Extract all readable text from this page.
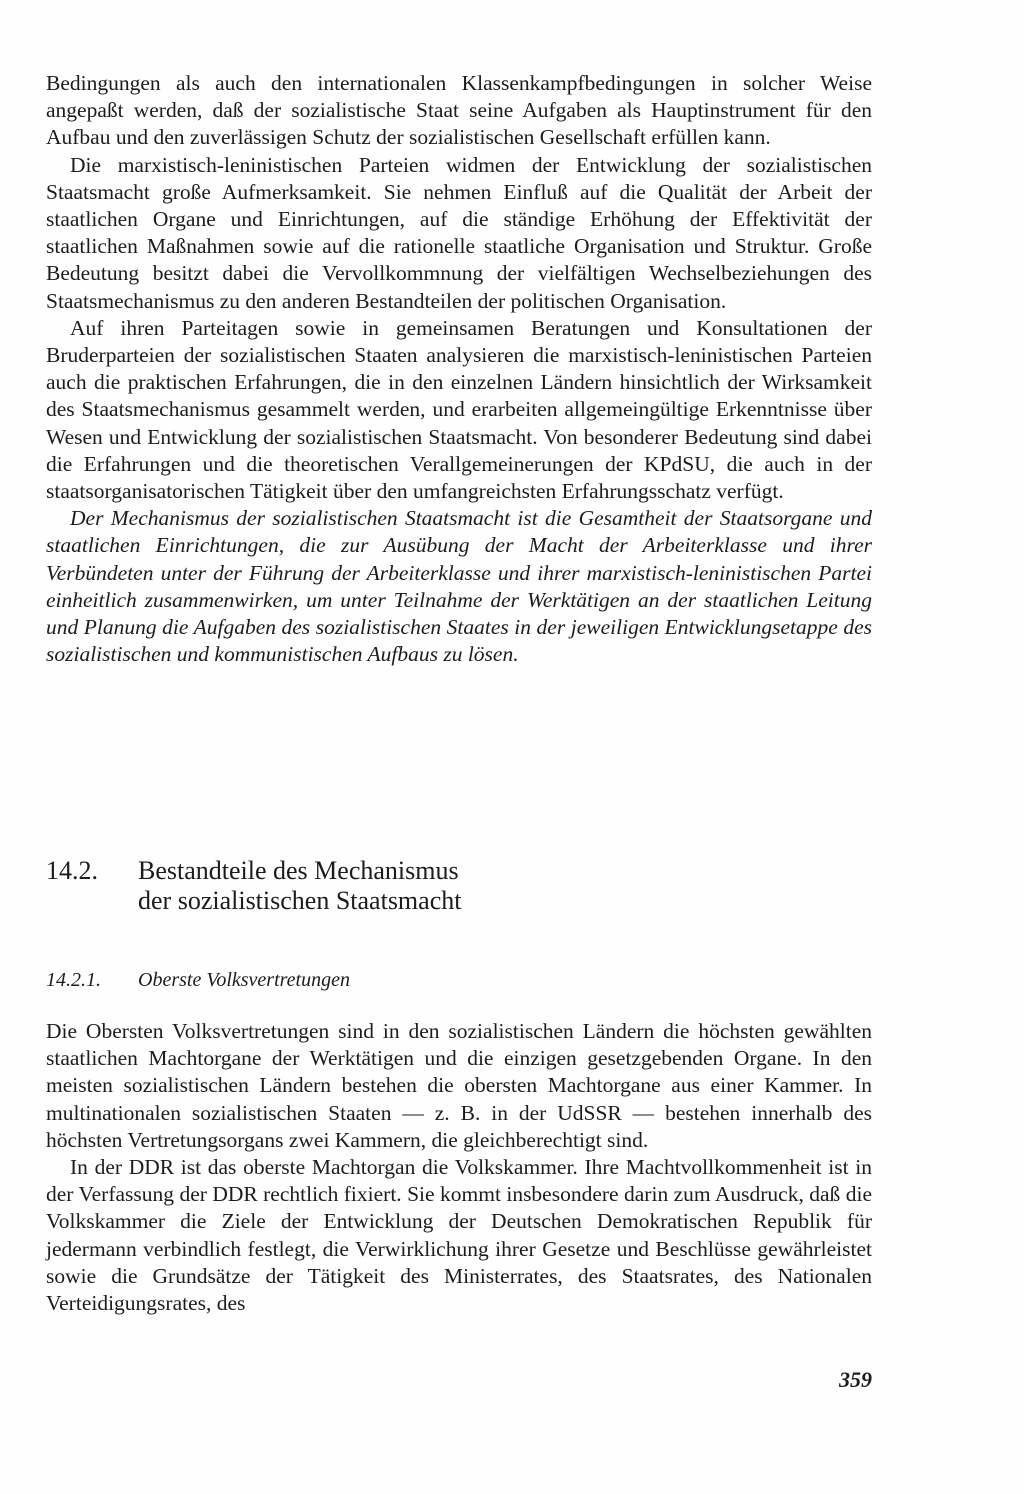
Bedingungen als auch den internationalen Klassenkampfbedingungen in solcher Weise angepaßt werden, daß der sozialistische Staat seine Aufgaben als Hauptinstrument für den Aufbau und den zuverlässigen Schutz der sozialistischen Gesellschaft erfüllen kann.

Die marxistisch-leninistischen Parteien widmen der Entwicklung der sozialistischen Staatsmacht große Aufmerksamkeit. Sie nehmen Einfluß auf die Qualität der Arbeit der staatlichen Organe und Einrichtungen, auf die ständige Erhöhung der Effektivität der staatlichen Maßnahmen sowie auf die rationelle staatliche Organisation und Struktur. Große Bedeutung besitzt dabei die Vervollkommnung der vielfältigen Wechselbeziehungen des Staatsmechanismus zu den anderen Bestandteilen der politischen Organisation.

Auf ihren Parteitagen sowie in gemeinsamen Beratungen und Konsultationen der Bruderparteien der sozialistischen Staaten analysieren die marxistisch-leninistischen Parteien auch die praktischen Erfahrungen, die in den einzelnen Ländern hinsichtlich der Wirksamkeit des Staatsmechanismus gesammelt werden, und erarbeiten allgemeingültige Erkenntnisse über Wesen und Entwicklung der sozialistischen Staatsmacht. Von besonderer Bedeutung sind dabei die Erfahrungen und die theoretischen Verallgemeinerungen der KPdSU, die auch in der staatsorganisatorischen Tätigkeit über den umfangreichsten Erfahrungsschatz verfügt.

Der Mechanismus der sozialistischen Staatsmacht ist die Gesamtheit der Staatsorgane und staatlichen Einrichtungen, die zur Ausübung der Macht der Arbeiterklasse und ihrer Verbündeten unter der Führung der Arbeiterklasse und ihrer marxistisch-leninistischen Partei einheitlich zusammenwirken, um unter Teilnahme der Werktätigen an der staatlichen Leitung und Planung die Aufgaben des sozialistischen Staates in der jeweiligen Entwicklungsetappe des sozialistischen und kommunistischen Aufbaus zu lösen.

14.2.	Bestandteile des Mechanismus
der sozialistischen Staatsmacht
14.2.1.	Oberste Volksvertretungen

Die Obersten Volksvertretungen sind in den sozialistischen Ländern die höchsten gewählten staatlichen Machtorgane der Werktätigen und die einzigen gesetzgebenden Organe. In den meisten sozialistischen Ländern bestehen die obersten Machtorgane aus einer Kammer. In multinationalen sozialistischen Staaten — z. B. in der UdSSR — bestehen innerhalb des höchsten Vertretungsorgans zwei Kammern, die gleichberechtigt sind.

In der DDR ist das oberste Machtorgan die Volkskammer. Ihre Machtvollkommenheit ist in der Verfassung der DDR rechtlich fixiert. Sie kommt insbesondere darin zum Ausdruck, daß die Volkskammer die Ziele der Entwicklung der Deutschen Demokratischen Republik für jedermann verbindlich festlegt, die Verwirklichung ihrer Gesetze und Beschlüsse gewährleistet sowie die Grundsätze der Tätigkeit des Ministerrates, des Staatsrates, des Nationalen Verteidigungsrates, des

359
